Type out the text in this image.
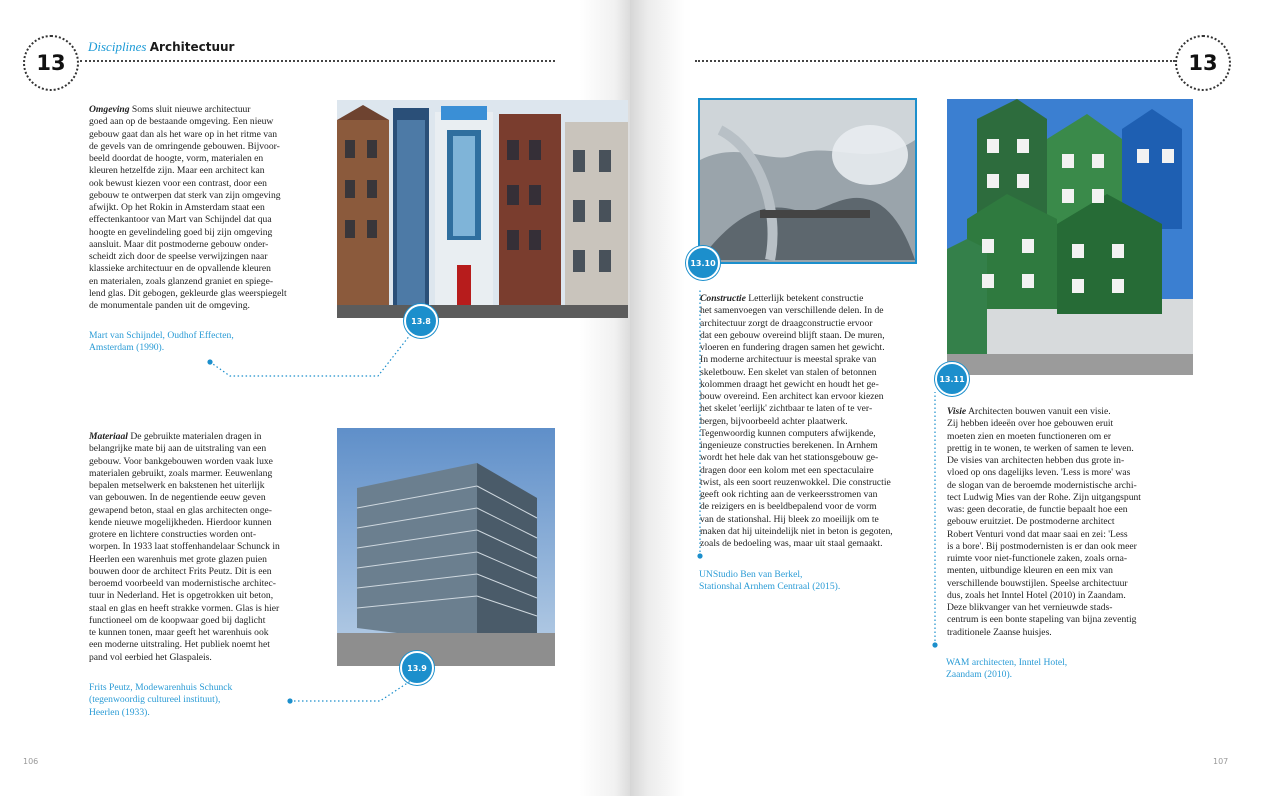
13
Disciplines Architectuur

Omgeving Soms sluit nieuwe architectuur
goed aan op de bestaande omgeving. Een nieuw
gebouw gaat dan als het ware op in het ritme van
de gevels van de omringende gebouwen. Bijvoor-
beeld doordat de hoogte, vorm, materialen en
kleuren hetzelfde zijn. Maar een architect kan
ook bewust kiezen voor een contrast, door een
gebouw te ontwerpen dat sterk van zijn omgeving
afwijkt. Op het Rokin in Amsterdam staat een
effectenkantoor van Mart van Schijndel dat qua
hoogte en gevelindeling goed bij zijn omgeving
aansluit. Maar dit postmoderne gebouw onder-
scheidt zich door de speelse verwijzingen naar
klassieke architectuur en de opvallende kleuren
en materialen, zoals glanzend graniet en spiege-
lend glas. Dit gebogen, gekleurde glas weerspiegelt
de monumentale panden uit de omgeving.

13.8

Mart van Schijndel, Oudhof Effecten,
Amsterdam (1990).

Materiaal De gebruikte materialen dragen in
belangrijke mate bij aan de uitstraling van een
gebouw. Voor bankgebouwen worden vaak luxe
materialen gebruikt, zoals marmer. Eeuwenlang
bepalen metselwerk en bakstenen het uiterlijk
van gebouwen. In de negentiende eeuw geven
gewapend beton, staal en glas architecten onge-
kende nieuwe mogelijkheden. Hierdoor kunnen
grotere en lichtere constructies worden ont-
worpen. In 1933 laat stoffenhandelaar Schunck in
Heerlen een warenhuis met grote glazen puien
bouwen door de architect Frits Peutz. Dit is een
beroemd voorbeeld van modernistische architec-
tuur in Nederland. Het is opgetrokken uit beton,
staal en glas en heeft strakke vormen. Glas is hier
functioneel om de koopwaar goed bij daglicht
te kunnen tonen, maar geeft het warenhuis ook
een moderne uitstraling. Het publiek noemt het
pand vol eerbied het Glaspaleis.

13.9

Frits Peutz, Modewarenhuis Schunck
(tegenwoordig cultureel instituut),
Heerlen (1933).

106
13
13.10

Constructie Letterlijk betekent constructie
het samenvoegen van verschillende delen. In de
architectuur zorgt de draagconstructie ervoor
dat een gebouw overeind blijft staan. De muren,
vloeren en fundering dragen samen het gewicht.
In moderne architectuur is meestal sprake van
skeletbouw. Een skelet van stalen of betonnen
kolommen draagt het gewicht en houdt het ge-
bouw overeind. Een architect kan ervoor kiezen
het skelet 'eerlijk' zichtbaar te laten of te ver-
bergen, bijvoorbeeld achter plaatwerk.
Tegenwoordig kunnen computers afwijkende,
ingenieuze constructies berekenen. In Arnhem
wordt het hele dak van het stationsgebouw ge-
dragen door een kolom met een spectaculaire
twist, als een soort reuzenwokkel. Die constructie
geeft ook richting aan de verkeersstromen van
de reizigers en is beeldbepalend voor de vorm
van de stationshal. Hij bleek zo moeilijk om te
maken dat hij uiteindelijk niet in beton is gegoten,
zoals de bedoeling was, maar uit staal gemaakt.

UNStudio Ben van Berkel,
Stationshal Arnhem Centraal (2015).

13.11

Visie Architecten bouwen vanuit een visie.
Zij hebben ideeën over hoe gebouwen eruit
moeten zien en moeten functioneren om er
prettig in te wonen, te werken of samen te leven.
De visies van architecten hebben dus grote in-
vloed op ons dagelijks leven. 'Less is more' was
de slogan van de beroemde modernistische archi-
tect Ludwig Mies van der Rohe. Zijn uitgangspunt
was: geen decoratie, de functie bepaalt hoe een
gebouw eruitziet. De postmoderne architect
Robert Venturi vond dat maar saai en zei: 'Less
is a bore'. Bij postmodernisten is er dan ook meer
ruimte voor niet-functionele zaken, zoals orna-
menten, uitbundige kleuren en een mix van
verschillende bouwstijlen. Speelse architectuur
dus, zoals het Inntel Hotel (2010) in Zaandam.
Deze blikvanger van het vernieuwde stads-
centrum is een bonte stapeling van bijna zeventig
traditionele Zaanse huisjes.

WAM architecten, Inntel Hotel,
Zaandam (2010).

107
